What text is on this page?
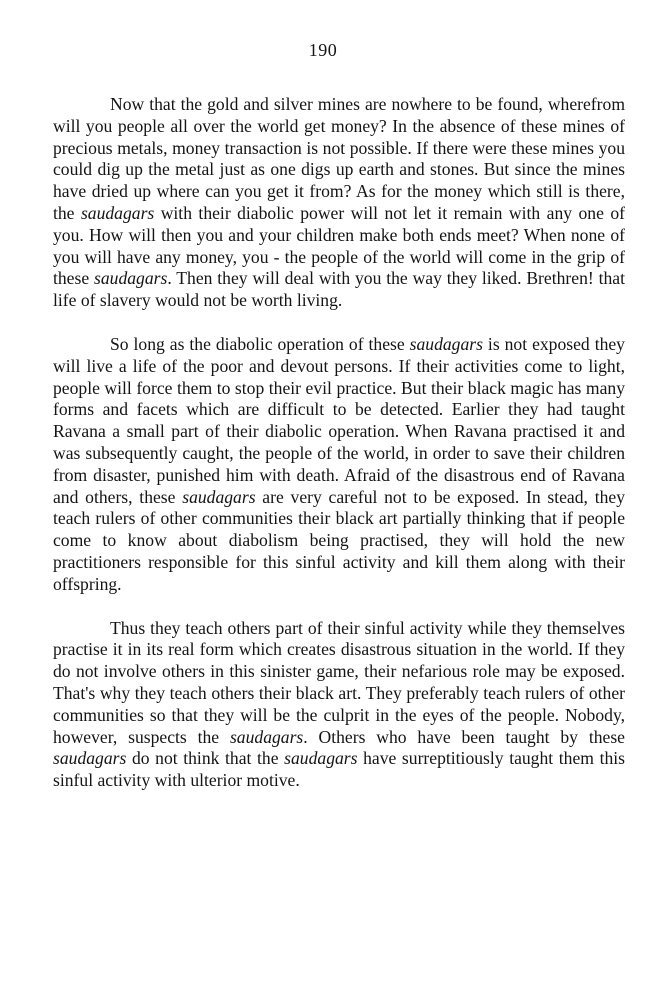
190

Now that the gold and silver mines are nowhere to be found, wherefrom will you people all over the world get money? In the absence of these mines of precious metals, money transaction is not possible. If there were these mines you could dig up the metal just as one digs up earth and stones. But since the mines have dried up where can you get it from? As for the money which still is there, the saudagars with their diabolic power will not let it remain with any one of you. How will then you and your children make both ends meet? When none of you will have any money, you - the people of the world will come in the grip of these saudagars. Then they will deal with you the way they liked. Brethren! that life of slavery would not be worth living.

So long as the diabolic operation of these saudagars is not exposed they will live a life of the poor and devout persons. If their activities come to light, people will force them to stop their evil practice. But their black magic has many forms and facets which are difficult to be detected. Earlier they had taught Ravana a small part of their diabolic operation. When Ravana practised it and was subsequently caught, the people of the world, in order to save their children from disaster, punished him with death. Afraid of the disastrous end of Ravana and others, these saudagars are very careful not to be exposed. In stead, they teach rulers of other communities their black art partially thinking that if people come to know about diabolism being practised, they will hold the new practitioners responsible for this sinful activity and kill them along with their offspring.

Thus they teach others part of their sinful activity while they themselves practise it in its real form which creates disastrous situation in the world. If they do not involve others in this sinister game, their nefarious role may be exposed. That's why they teach others their black art. They preferably teach rulers of other communities so that they will be the culprit in the eyes of the people. Nobody, however, suspects the saudagars. Others who have been taught by these saudagars do not think that the saudagars have surreptitiously taught them this sinful activity with ulterior motive.
